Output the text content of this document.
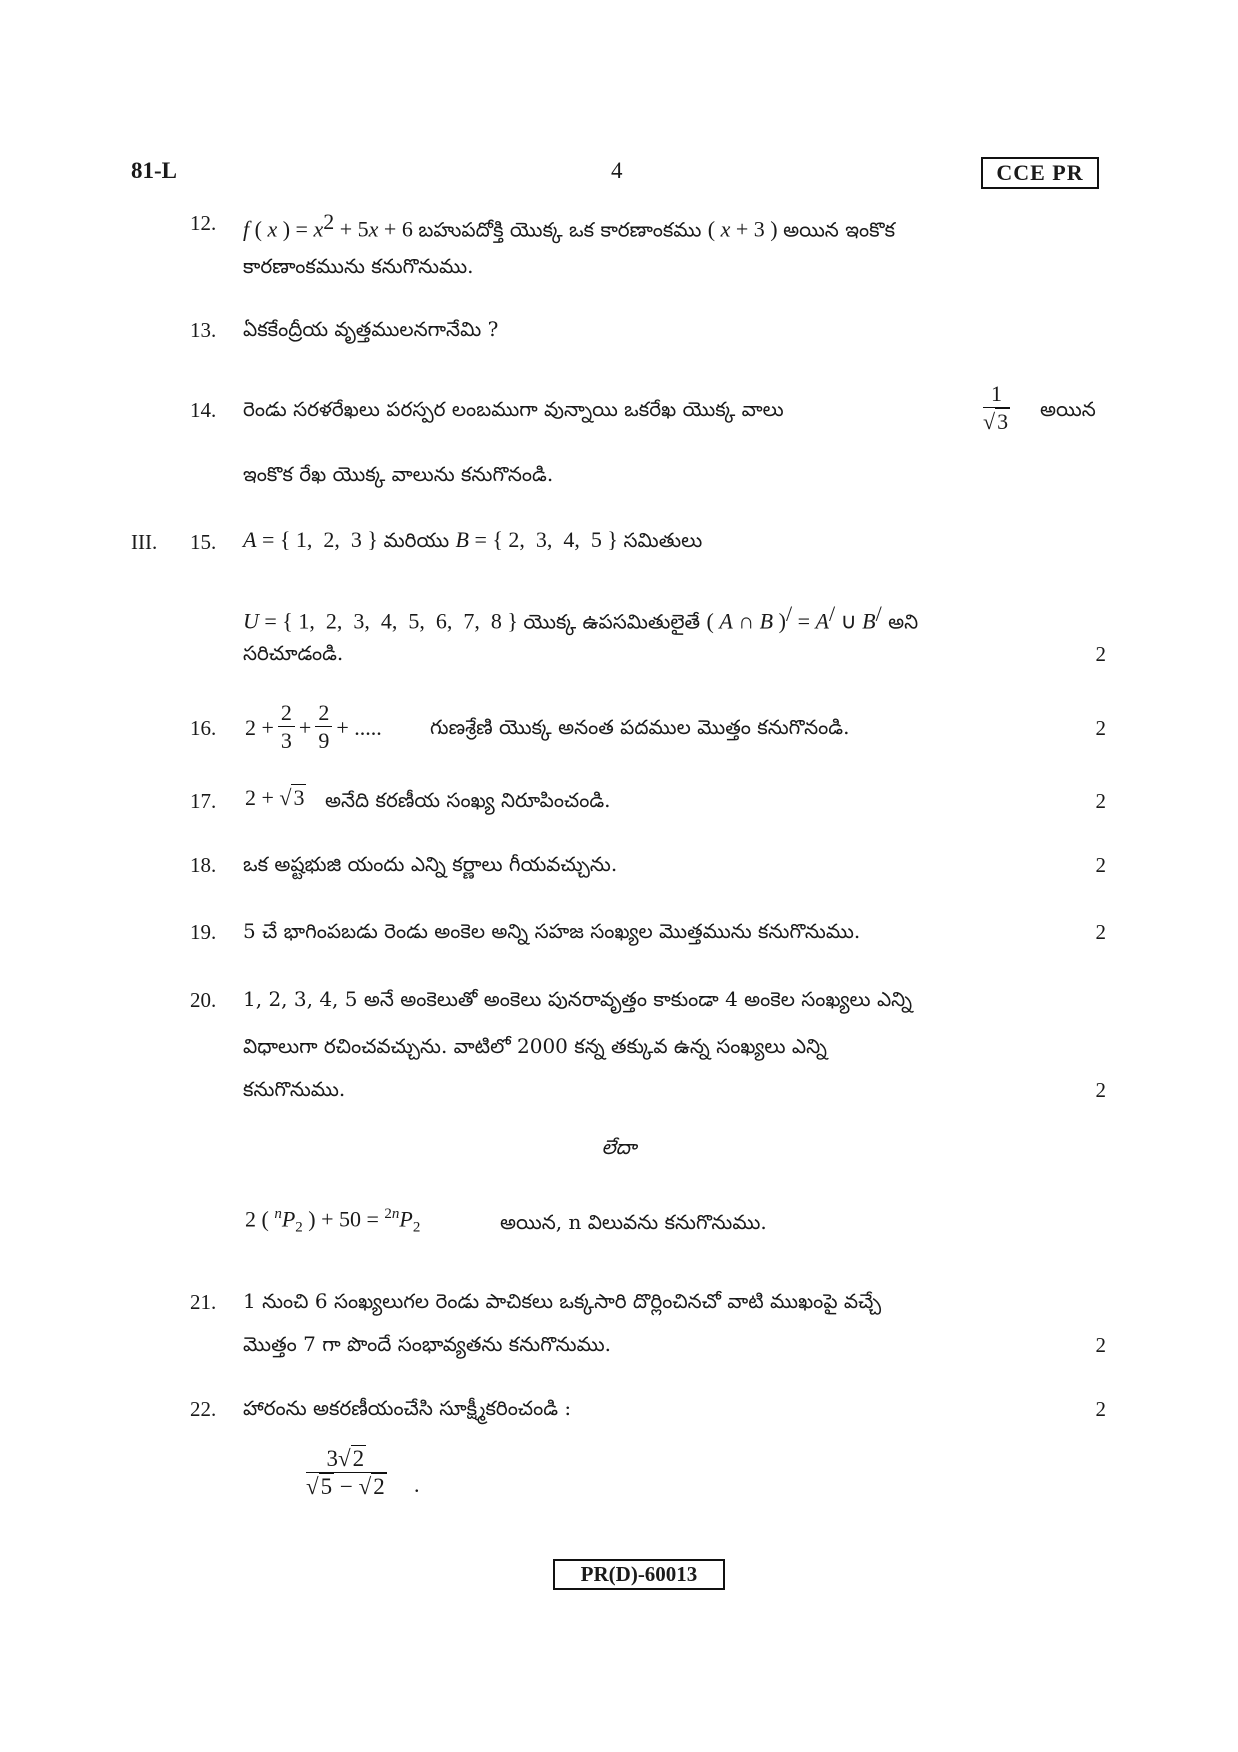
81-L	4	CCE PR
12. f ( x ) = $x^2 + 5x + 6$ బహుపదోక్తి యొక్క ఒక కారణాంకము ( x + 3 ) అయిన ఇంకొక
కారణాంకమును కనుగొనుము.
13. ఏకకేంద్రీయ వృత్తములనగానేమి ?
14. రెండు సరళరేఖలు పరస్పర లంబముగా వున్నాయి ఒకరేఖ యొక్క వాలు	$\frac{1}{√3}$ అయిన
ఇంకొక రేఖ యొక్క వాలును కనుగొనండి.
III. 15. A = { 1,  2,  3 } మరియు B = { 2,  3,  4,  5 } సమితులు
U = { 1,  2,  3,  4,  5,  6,  7,  8 } యొక్క ఉపసమితులైతే ( A ∩ B )/ = A/ ∪ B/ అని
సరిచూడండి.	2
16. $2 + \frac{2}{3} + \frac{2}{9}$ + ..... గుణశ్రేణి యొక్క అనంత పదముల మొత్తం కనుగొనండి.	2
17. 2 + √3 అనేది కరణీయ సంఖ్య నిరూపించండి.	2
18. ఒక అష్టభుజి యందు ఎన్ని కర్ణాలు గీయవచ్చును.	2
19. 5 చే భాగింపబడు రెండు అంకెల అన్ని సహజ సంఖ్యల మొత్తమును కనుగొనుము.	2
20. 1, 2, 3, 4, 5 అనే అంకెలుతో అంకెలు పునరావృత్తం కాకుండా 4 అంకెల సంఖ్యలు ఎన్ని
విధాలుగా రచించవచ్చును. వాటిలో 2000 కన్న తక్కువ ఉన్న సంఖ్యలు ఎన్ని
కనుగొనుము.	2
లేదా
2 ( $^nP_2$ ) + $50 = ^{2n}P_2$	అయిన, n విలువను కనుగొనుము.
21. 1 నుంచి 6 సంఖ్యలుగల రెండు పాచికలు ఒక్కసారి దొర్లించినచో వాటి ముఖంపై వచ్చే
మొత్తం 7 గా పొందే సంభావ్యతను కనుగొనుము.	2
22. హారంను అకరణీయంచేసి సూక్ష్మీకరించండి :	2
$\frac{3√2}{√5 - √2}$ .
PR(D)-60013
